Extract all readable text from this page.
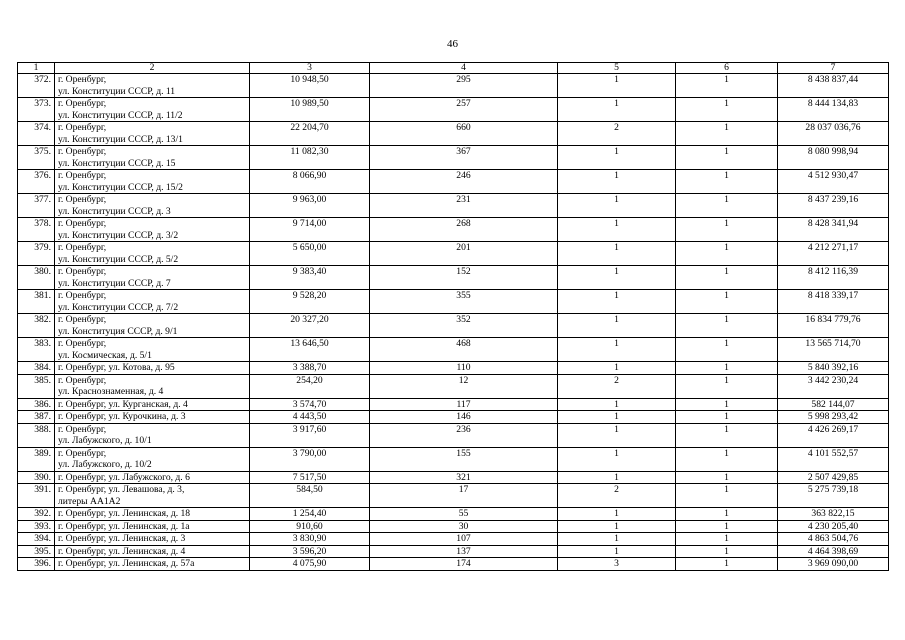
46
1	2	3	4	5	6	7
372.	г. Оренбург,
ул. Конституции СССР, д. 11	10 948,50	295	1	1	8 438 837,44
373.	г. Оренбург,
ул. Конституции СССР, д. 11/2	10 989,50	257	1	1	8 444 134,83
374.	г. Оренбург,
ул. Конституции СССР, д. 13/1	22 204,70	660	2	1	28 037 036,76
375.	г. Оренбург,
ул. Конституции СССР, д. 15	11 082,30	367	1	1	8 080 998,94
376.	г. Оренбург,
ул. Конституции СССР, д. 15/2	8 066,90	246	1	1	4 512 930,47
377.	г. Оренбург,
ул. Конституции СССР, д. 3	9 963,00	231	1	1	8 437 239,16
378.	г. Оренбург,
ул. Конституции СССР, д. 3/2	9 714,00	268	1	1	8 428 341,94
379.	г. Оренбург,
ул. Конституции СССР, д. 5/2	5 650,00	201	1	1	4 212 271,17
380.	г. Оренбург,
ул. Конституции СССР, д. 7	9 383,40	152	1	1	8 412 116,39
381.	г. Оренбург,
ул. Конституции СССР, д. 7/2	9 528,20	355	1	1	8 418 339,17
382.	г. Оренбург,
ул. Конституция СССР, д. 9/1	20 327,20	352	1	1	16 834 779,76
383.	г. Оренбург,
ул. Космическая, д. 5/1	13 646,50	468	1	1	13 565 714,70
384.	г. Оренбург, ул. Котова, д. 95	3 388,70	110	1	1	5 840 392,16
385.	г. Оренбург,
ул. Краснознаменная, д. 4	254,20	12	2	1	3 442 230,24
386.	г. Оренбург, ул. Курганская, д. 4	3 574,70	117	1	1	582 144,07
387.	г. Оренбург, ул. Курочкина, д. 3	4 443,50	146	1	1	5 998 293,42
388.	г. Оренбург,
ул. Лабужского, д. 10/1	3 917,60	236	1	1	4 426 269,17
389.	г. Оренбург,
ул. Лабужского, д. 10/2	3 790,00	155	1	1	4 101 552,57
390.	г. Оренбург, ул. Лабужского, д. 6	7 517,50	321	1	1	2 507 429,85
391.	г. Оренбург, ул. Левашова, д. 3,
литеры АА1А2	584,50	17	2	1	5 275 739,18
392.	г. Оренбург, ул. Ленинская, д. 18	1 254,40	55	1	1	363 822,15
393.	г. Оренбург, ул. Ленинская, д. 1а	910,60	30	1	1	4 230 205,40
394.	г. Оренбург, ул. Ленинская, д. 3	3 830,90	107	1	1	4 863 504,76
395.	г. Оренбург, ул. Ленинская, д. 4	3 596,20	137	1	1	4 464 398,69
396.	г. Оренбург, ул. Ленинская, д. 57а	4 075,90	174	3	1	3 969 090,00
